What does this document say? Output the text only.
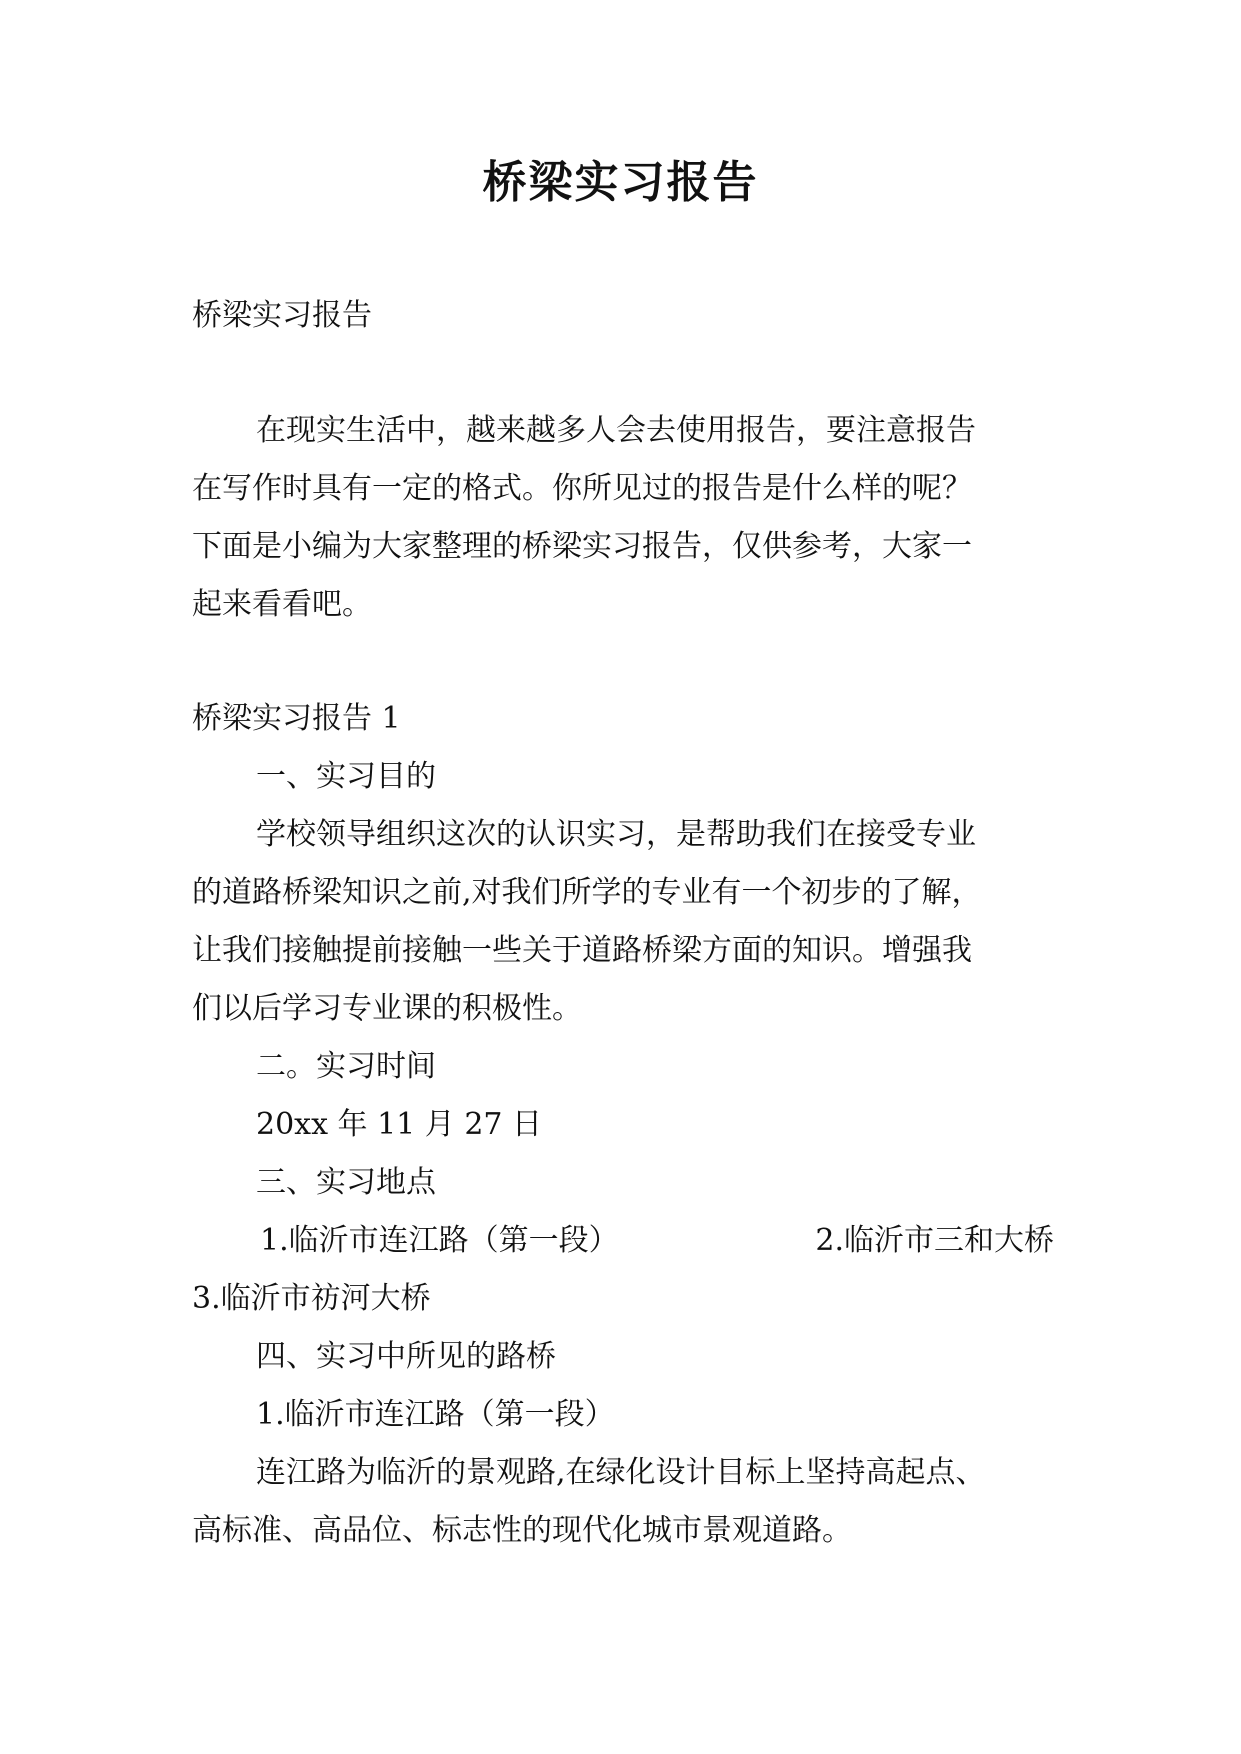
桥梁实习报告
桥梁实习报告
在现实生活中，越来越多人会去使用报告，要注意报告
在写作时具有一定的格式。你所见过的报告是什么样的呢？
下面是小编为大家整理的桥梁实习报告，仅供参考，大家一
起来看看吧。
桥梁实习报告 1
一、实习目的
学校领导组织这次的认识实习，是帮助我们在接受专业
的道路桥梁知识之前,对我们所学的专业有一个初步的了解，
让我们接触提前接触一些关于道路桥梁方面的知识。增强我
们以后学习专业课的积极性。
二。实习时间
20xx 年 11 月 27 日
三、实习地点
1.临沂市连江路（第一段）	2.临沂市三和大桥
3.临沂市祊河大桥
四、实习中所见的路桥
1.临沂市连江路（第一段）
连江路为临沂的景观路,在绿化设计目标上坚持高起点、
高标准、高品位、标志性的现代化城市景观道路。
